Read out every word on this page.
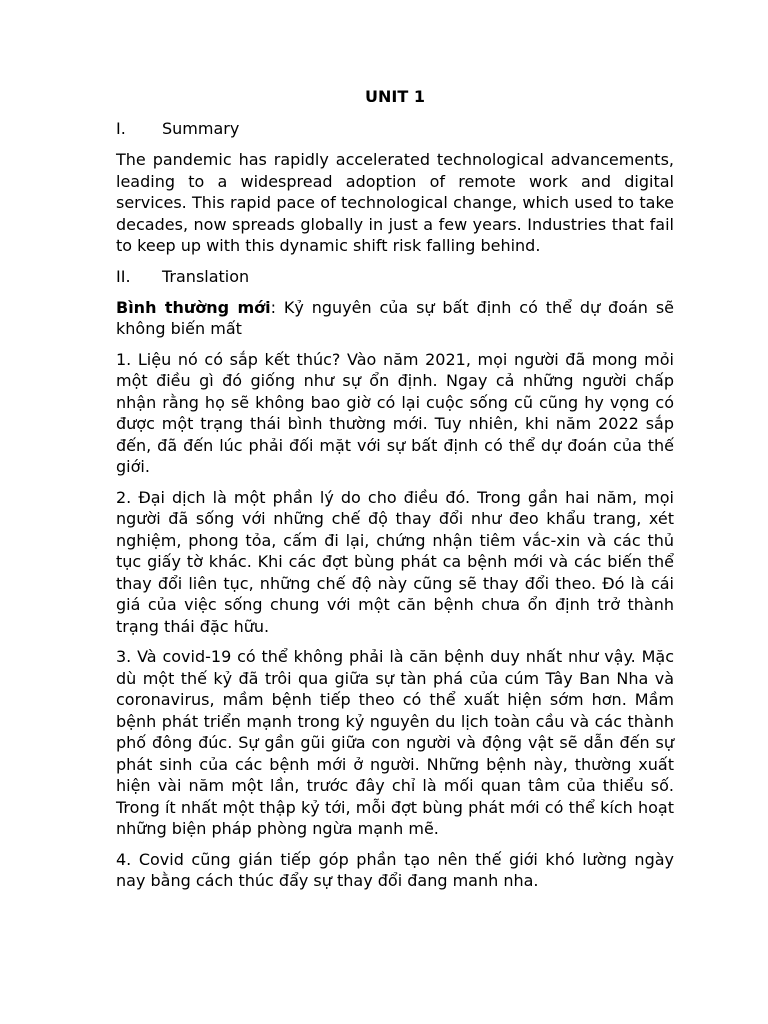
UNIT 1
I.	Summary

The pandemic has rapidly accelerated technological advancements, leading to a widespread adoption of remote work and digital services. This rapid pace of technological change, which used to take decades, now spreads globally in just a few years. Industries that fail to keep up with this dynamic shift risk falling behind.

II.	Translation

Bình thường mới: Kỷ nguyên của sự bất định có thể dự đoán sẽ không biến mất

1. Liệu nó có sắp kết thúc? Vào năm 2021, mọi người đã mong mỏi một điều gì đó giống như sự ổn định. Ngay cả những người chấp nhận rằng họ sẽ không bao giờ có lại cuộc sống cũ cũng hy vọng có được một trạng thái bình thường mới. Tuy nhiên, khi năm 2022 sắp đến, đã đến lúc phải đối mặt với sự bất định có thể dự đoán của thế giới.

2. Đại dịch là một phần lý do cho điều đó. Trong gần hai năm, mọi người đã sống với những chế độ thay đổi như đeo khẩu trang, xét nghiệm, phong tỏa, cấm đi lại, chứng nhận tiêm vắc-xin và các thủ tục giấy tờ khác. Khi các đợt bùng phát ca bệnh mới và các biến thể thay đổi liên tục, những chế độ này cũng sẽ thay đổi theo. Đó là cái giá của việc sống chung với một căn bệnh chưa ổn định trở thành trạng thái đặc hữu.

3. Và covid-19 có thể không phải là căn bệnh duy nhất như vậy. Mặc dù một thế kỷ đã trôi qua giữa sự tàn phá của cúm Tây Ban Nha và coronavirus, mầm bệnh tiếp theo có thể xuất hiện sớm hơn. Mầm bệnh phát triển mạnh trong kỷ nguyên du lịch toàn cầu và các thành phố đông đúc. Sự gần gũi giữa con người và động vật sẽ dẫn đến sự phát sinh của các bệnh mới ở người. Những bệnh này, thường xuất hiện vài năm một lần, trước đây chỉ là mối quan tâm của thiểu số. Trong ít nhất một thập kỷ tới, mỗi đợt bùng phát mới có thể kích hoạt những biện pháp phòng ngừa mạnh mẽ.

4. Covid cũng gián tiếp góp phần tạo nên thế giới khó lường ngày nay bằng cách thúc đẩy sự thay đổi đang manh nha.
